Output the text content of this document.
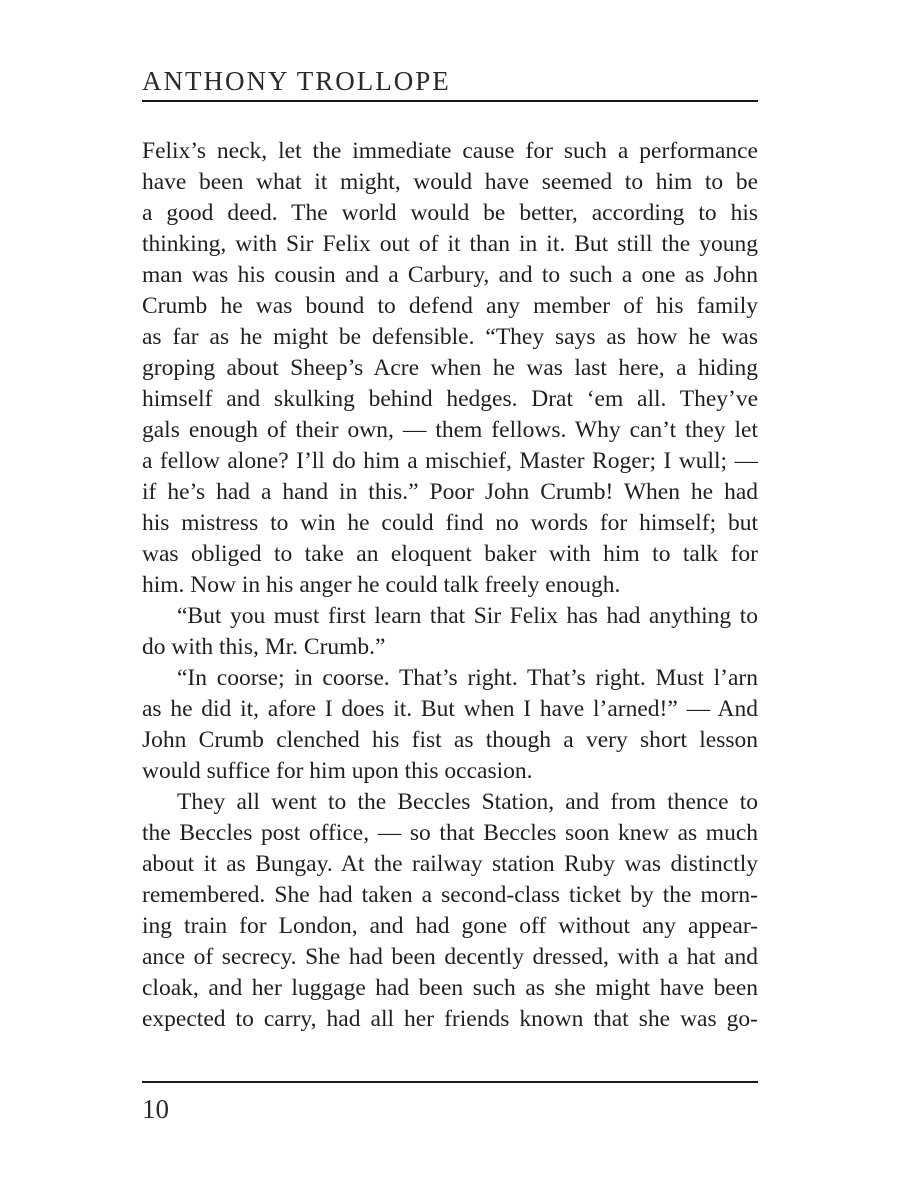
ANTHONY TROLLOPE
Felix’s neck, let the immediate cause for such a performance
have been what it might, would have seemed to him to be
a good deed. The world would be better, according to his
thinking, with Sir Felix out of it than in it. But still the young
man was his cousin and a Carbury, and to such a one as John
Crumb he was bound to defend any member of his family
as far as he might be defensible. “They says as how he was
groping about Sheep’s Acre when he was last here, a hiding
himself and skulking behind hedges. Drat ‘em all. They’ve
gals enough of their own, — them fellows. Why can’t they let
a fellow alone? I’ll do him a mischief, Master Roger; I wull; —
if he’s had a hand in this.” Poor John Crumb! When he had
his mistress to win he could find no words for himself; but
was obliged to take an eloquent baker with him to talk for
him. Now in his anger he could talk freely enough.
“But you must first learn that Sir Felix has had anything to
do with this, Mr. Crumb.”
“In coorse; in coorse. That’s right. That’s right. Must l’arn
as he did it, afore I does it. But when I have l’arned!” — And
John Crumb clenched his fist as though a very short lesson
would suffice for him upon this occasion.
They all went to the Beccles Station, and from thence to
the Beccles post office, — so that Beccles soon knew as much
about it as Bungay. At the railway station Ruby was distinctly
remembered. She had taken a second-class ticket by the morn-
ing train for London, and had gone off without any appear-
ance of secrecy. She had been decently dressed, with a hat and
cloak, and her luggage had been such as she might have been
expected to carry, had all her friends known that she was go-
10
